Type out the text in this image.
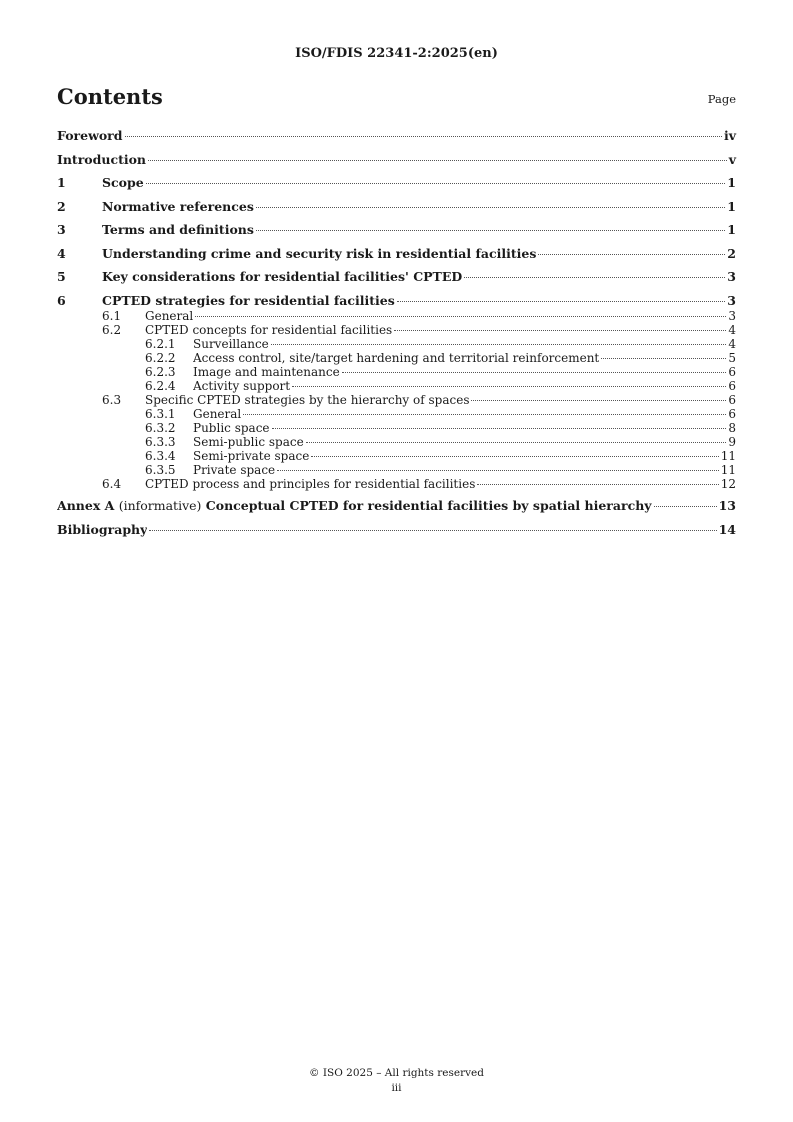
ISO/FDIS 22341-2:2025(en)
Contents	Page
Foreword	iv
Introduction	v
1	Scope	1
2	Normative references	1
3	Terms and definitions	1
4	Understanding crime and security risk in residential facilities	2
5	Key considerations for residential facilities' CPTED	3
6	CPTED strategies for residential facilities	3
6.1	General	3
6.2	CPTED concepts for residential facilities	4
6.2.1	Surveillance	4
6.2.2	Access control, site/target hardening and territorial reinforcement	5
6.2.3	Image and maintenance	6
6.2.4	Activity support	6
6.3	Specific CPTED strategies by the hierarchy of spaces	6
6.3.1	General	6
6.3.2	Public space	8
6.3.3	Semi-public space	9
6.3.4	Semi-private space	11
6.3.5	Private space	11
6.4	CPTED process and principles for residential facilities	12
Annex A (informative) Conceptual CPTED for residential facilities by spatial hierarchy	13
Bibliography	14
© ISO 2025 – All rights reserved
iii
